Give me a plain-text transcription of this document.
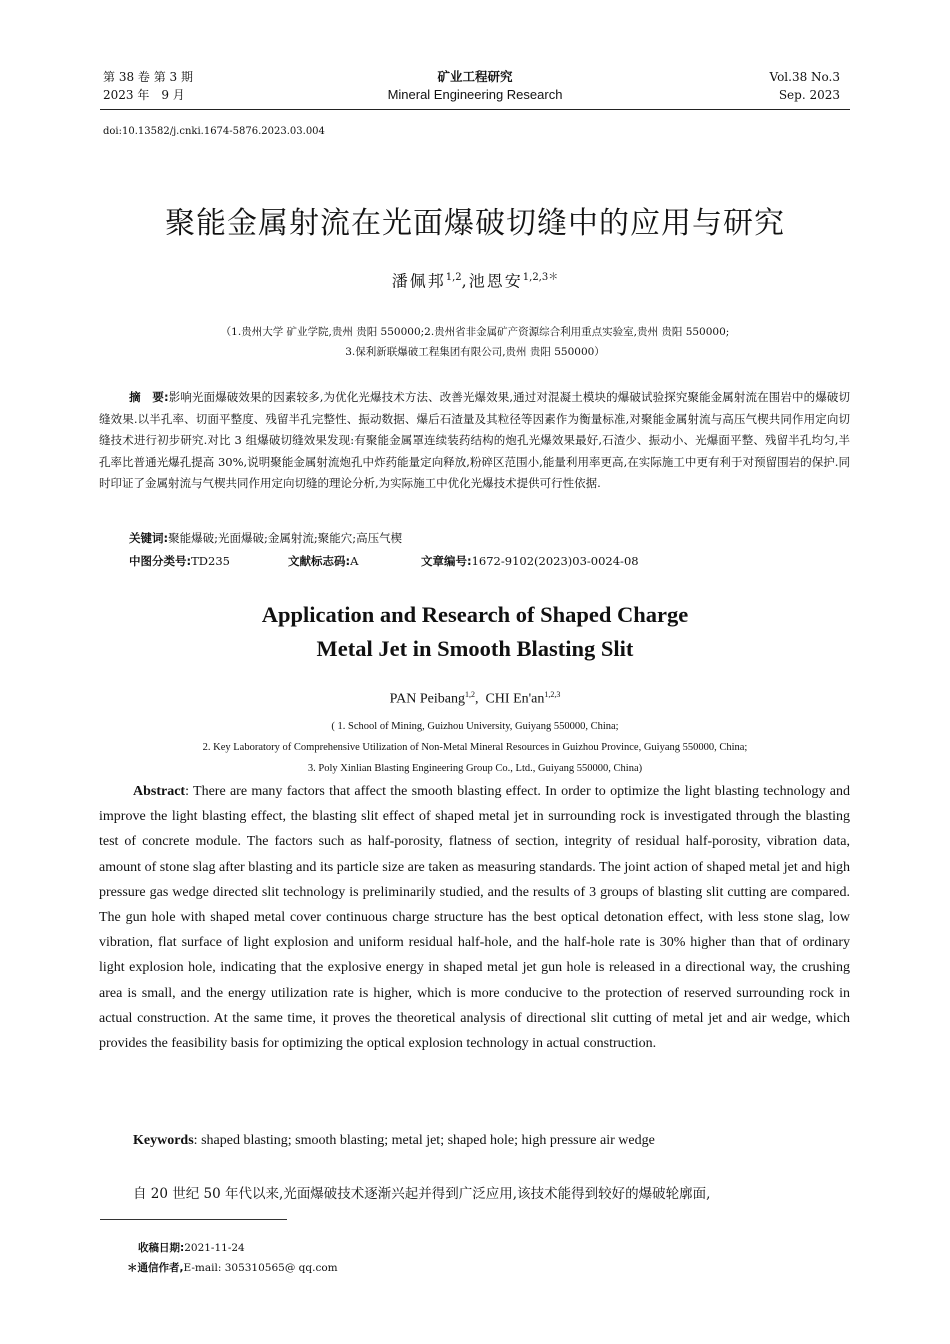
第 38 卷 第 3 期
2023 年　9 月
矿业工程研究
Mineral Engineering Research
Vol.38 No.3
Sep. 2023
doi:10.13582/j.cnki.1674-5876.2023.03.004
聚能金属射流在光面爆破切缝中的应用与研究
潘佩邦$^{1,2}$,池恩安$^{1,2,3*}$
（1.贵州大学 矿业学院,贵州 贵阳 550000;2.贵州省非金属矿产资源综合利用重点实验室,贵州 贵阳 550000;
3.保利新联爆破工程集团有限公司,贵州 贵阳 550000）
摘　要:影响光面爆破效果的因素较多,为优化光爆技术方法、改善光爆效果,通过对混凝土模块的爆破试验探究聚能金属射流在围岩中的爆破切缝效果.以半孔率、切面平整度、残留半孔完整性、振动数据、爆后石渣量及其粒径等因素作为衡量标准,对聚能金属射流与高压气楔共同作用定向切缝技术进行初步研究.对比 3 组爆破切缝效果发现:有聚能金属罩连续装药结构的炮孔光爆效果最好,石渣少、振动小、光爆面平整、残留半孔均匀,半孔率比普通光爆孔提高 30%,说明聚能金属射流炮孔中炸药能量定向释放,粉碎区范围小,能量利用率更高,在实际施工中更有利于对预留围岩的保护.同时印证了金属射流与气楔共同作用定向切缝的理论分析,为实际施工中优化光爆技术提供可行性依据.
关键词:聚能爆破;光面爆破;金属射流;聚能穴;高压气楔
中图分类号:TD235	文献标志码:A	文章编号:1672-9102(2023)03-0024-08
Application and Research of Shaped Charge
Metal Jet in Smooth Blasting Slit
PAN Peibang$^{1,2}$,  CHI En'an$^{1,2,3}$
( 1. School of Mining, Guizhou University, Guiyang 550000, China;
2. Key Laboratory of Comprehensive Utilization of Non-Metal Mineral Resources in Guizhou Province, Guiyang 550000, China;
3. Poly Xinlian Blasting Engineering Group Co., Ltd., Guiyang 550000, China)
Abstract: There are many factors that affect the smooth blasting effect. In order to optimize the light blasting technology and improve the light blasting effect, the blasting slit effect of shaped metal jet in surrounding rock is investigated through the blasting test of concrete module. The factors such as half-porosity, flatness of section, integrity of residual half-porosity, vibration data, amount of stone slag after blasting and its particle size are taken as measuring standards. The joint action of shaped metal jet and high pressure gas wedge directed slit technology is preliminarily studied, and the results of 3 groups of blasting slit cutting are compared. The gun hole with shaped metal cover continuous charge structure has the best optical detonation effect, with less stone slag, low vibration, flat surface of light explosion and uniform residual half-hole, and the half-hole rate is 30% higher than that of ordinary light explosion hole, indicating that the explosive energy in shaped metal jet gun hole is released in a directional way, the crushing area is small, and the energy utilization rate is higher, which is more conducive to the protection of reserved surrounding rock in actual construction. At the same time, it proves the theoretical analysis of directional slit cutting of metal jet and air wedge, which provides the feasibility basis for optimizing the optical explosion technology in actual construction.
Keywords: shaped blasting; smooth blasting; metal jet; shaped hole; high pressure air wedge
自 20 世纪 50 年代以来,光面爆破技术逐渐兴起并得到广泛应用,该技术能得到较好的爆破轮廓面,
收稿日期:2021-11-24
＊通信作者,E-mail: 305310565@ qq.com
